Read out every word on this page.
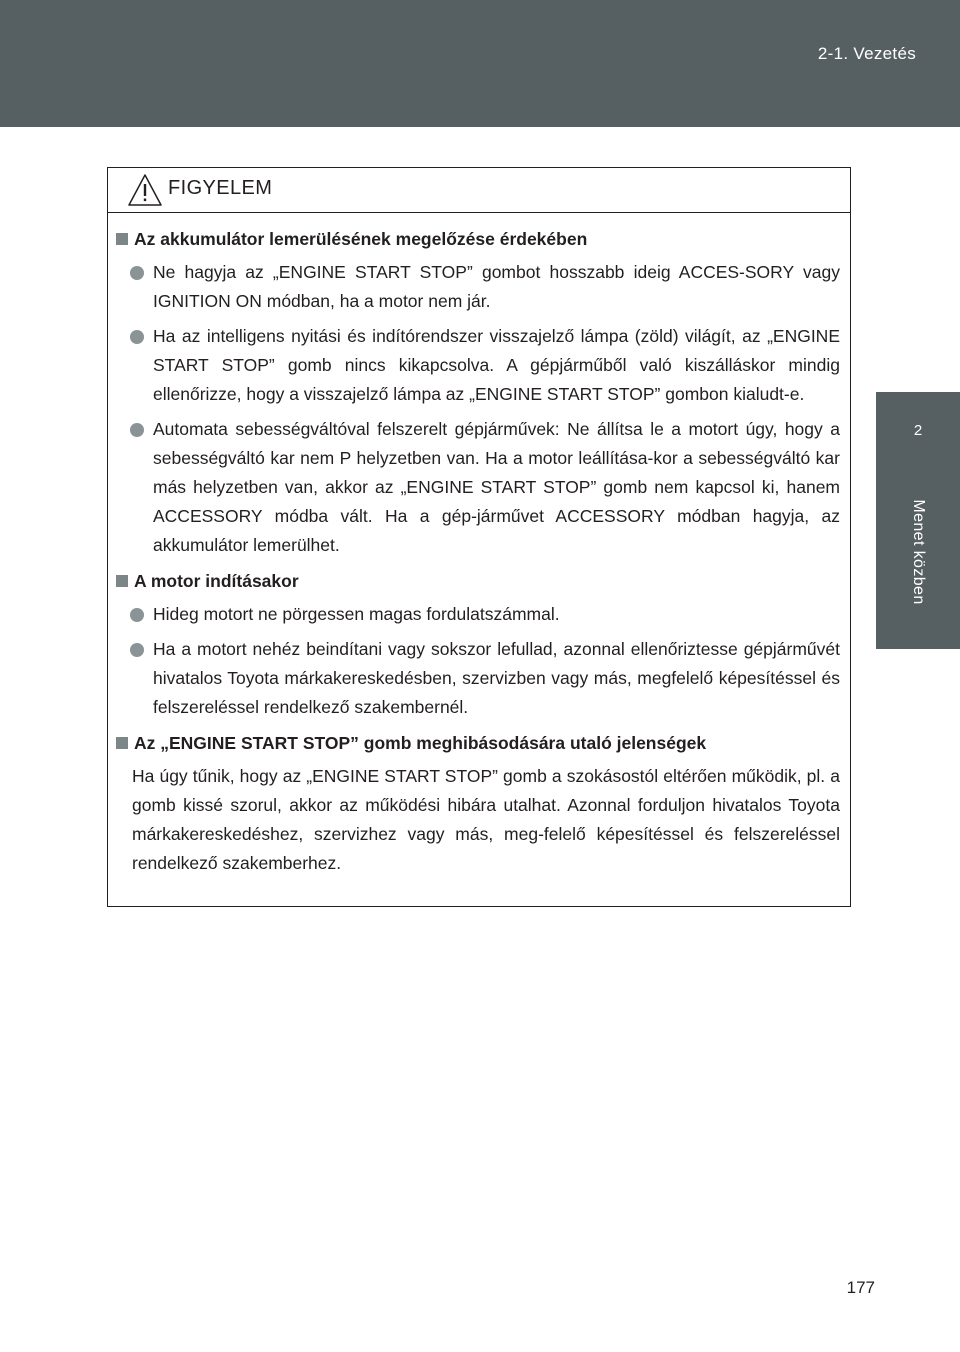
2-1. Vezetés
2
Menet közben
FIGYELEM
Az akkumulátor lemerülésének megelőzése érdekében
Ne hagyja az „ENGINE START STOP” gombot hosszabb ideig ACCES-SORY vagy IGNITION ON módban, ha a motor nem jár.
Ha az intelligens nyitási és indítórendszer visszajelző lámpa (zöld) világít, az „ENGINE START STOP” gomb nincs kikapcsolva. A gépjárműből való kiszálláskor mindig ellenőrizze, hogy a visszajelző lámpa az „ENGINE START STOP” gombon kialudt-e.
Automata sebességváltóval felszerelt gépjárművek: Ne állítsa le a motort úgy, hogy a sebességváltó kar nem P helyzetben van. Ha a motor leállítása-kor a sebességváltó kar más helyzetben van, akkor az „ENGINE START STOP” gomb nem kapcsol ki, hanem ACCESSORY módba vált. Ha a gép-járművet ACCESSORY módban hagyja, az akkumulátor lemerülhet.
A motor indításakor
Hideg motort ne pörgessen magas fordulatszámmal.
Ha a motort nehéz beindítani vagy sokszor lefullad, azonnal ellenőriztesse gépjárművét hivatalos Toyota márkakereskedésben, szervizben vagy más, megfelelő képesítéssel és felszereléssel rendelkező szakembernél.
Az „ENGINE START STOP” gomb meghibásodására utaló jelenségek
Ha úgy tűnik, hogy az „ENGINE START STOP” gomb a szokásostól eltérően működik, pl. a gomb kissé szorul, akkor az működési hibára utalhat. Azonnal forduljon hivatalos Toyota márkakereskedéshez, szervizhez vagy más, meg-felelő képesítéssel és felszereléssel rendelkező szakemberhez.
177
